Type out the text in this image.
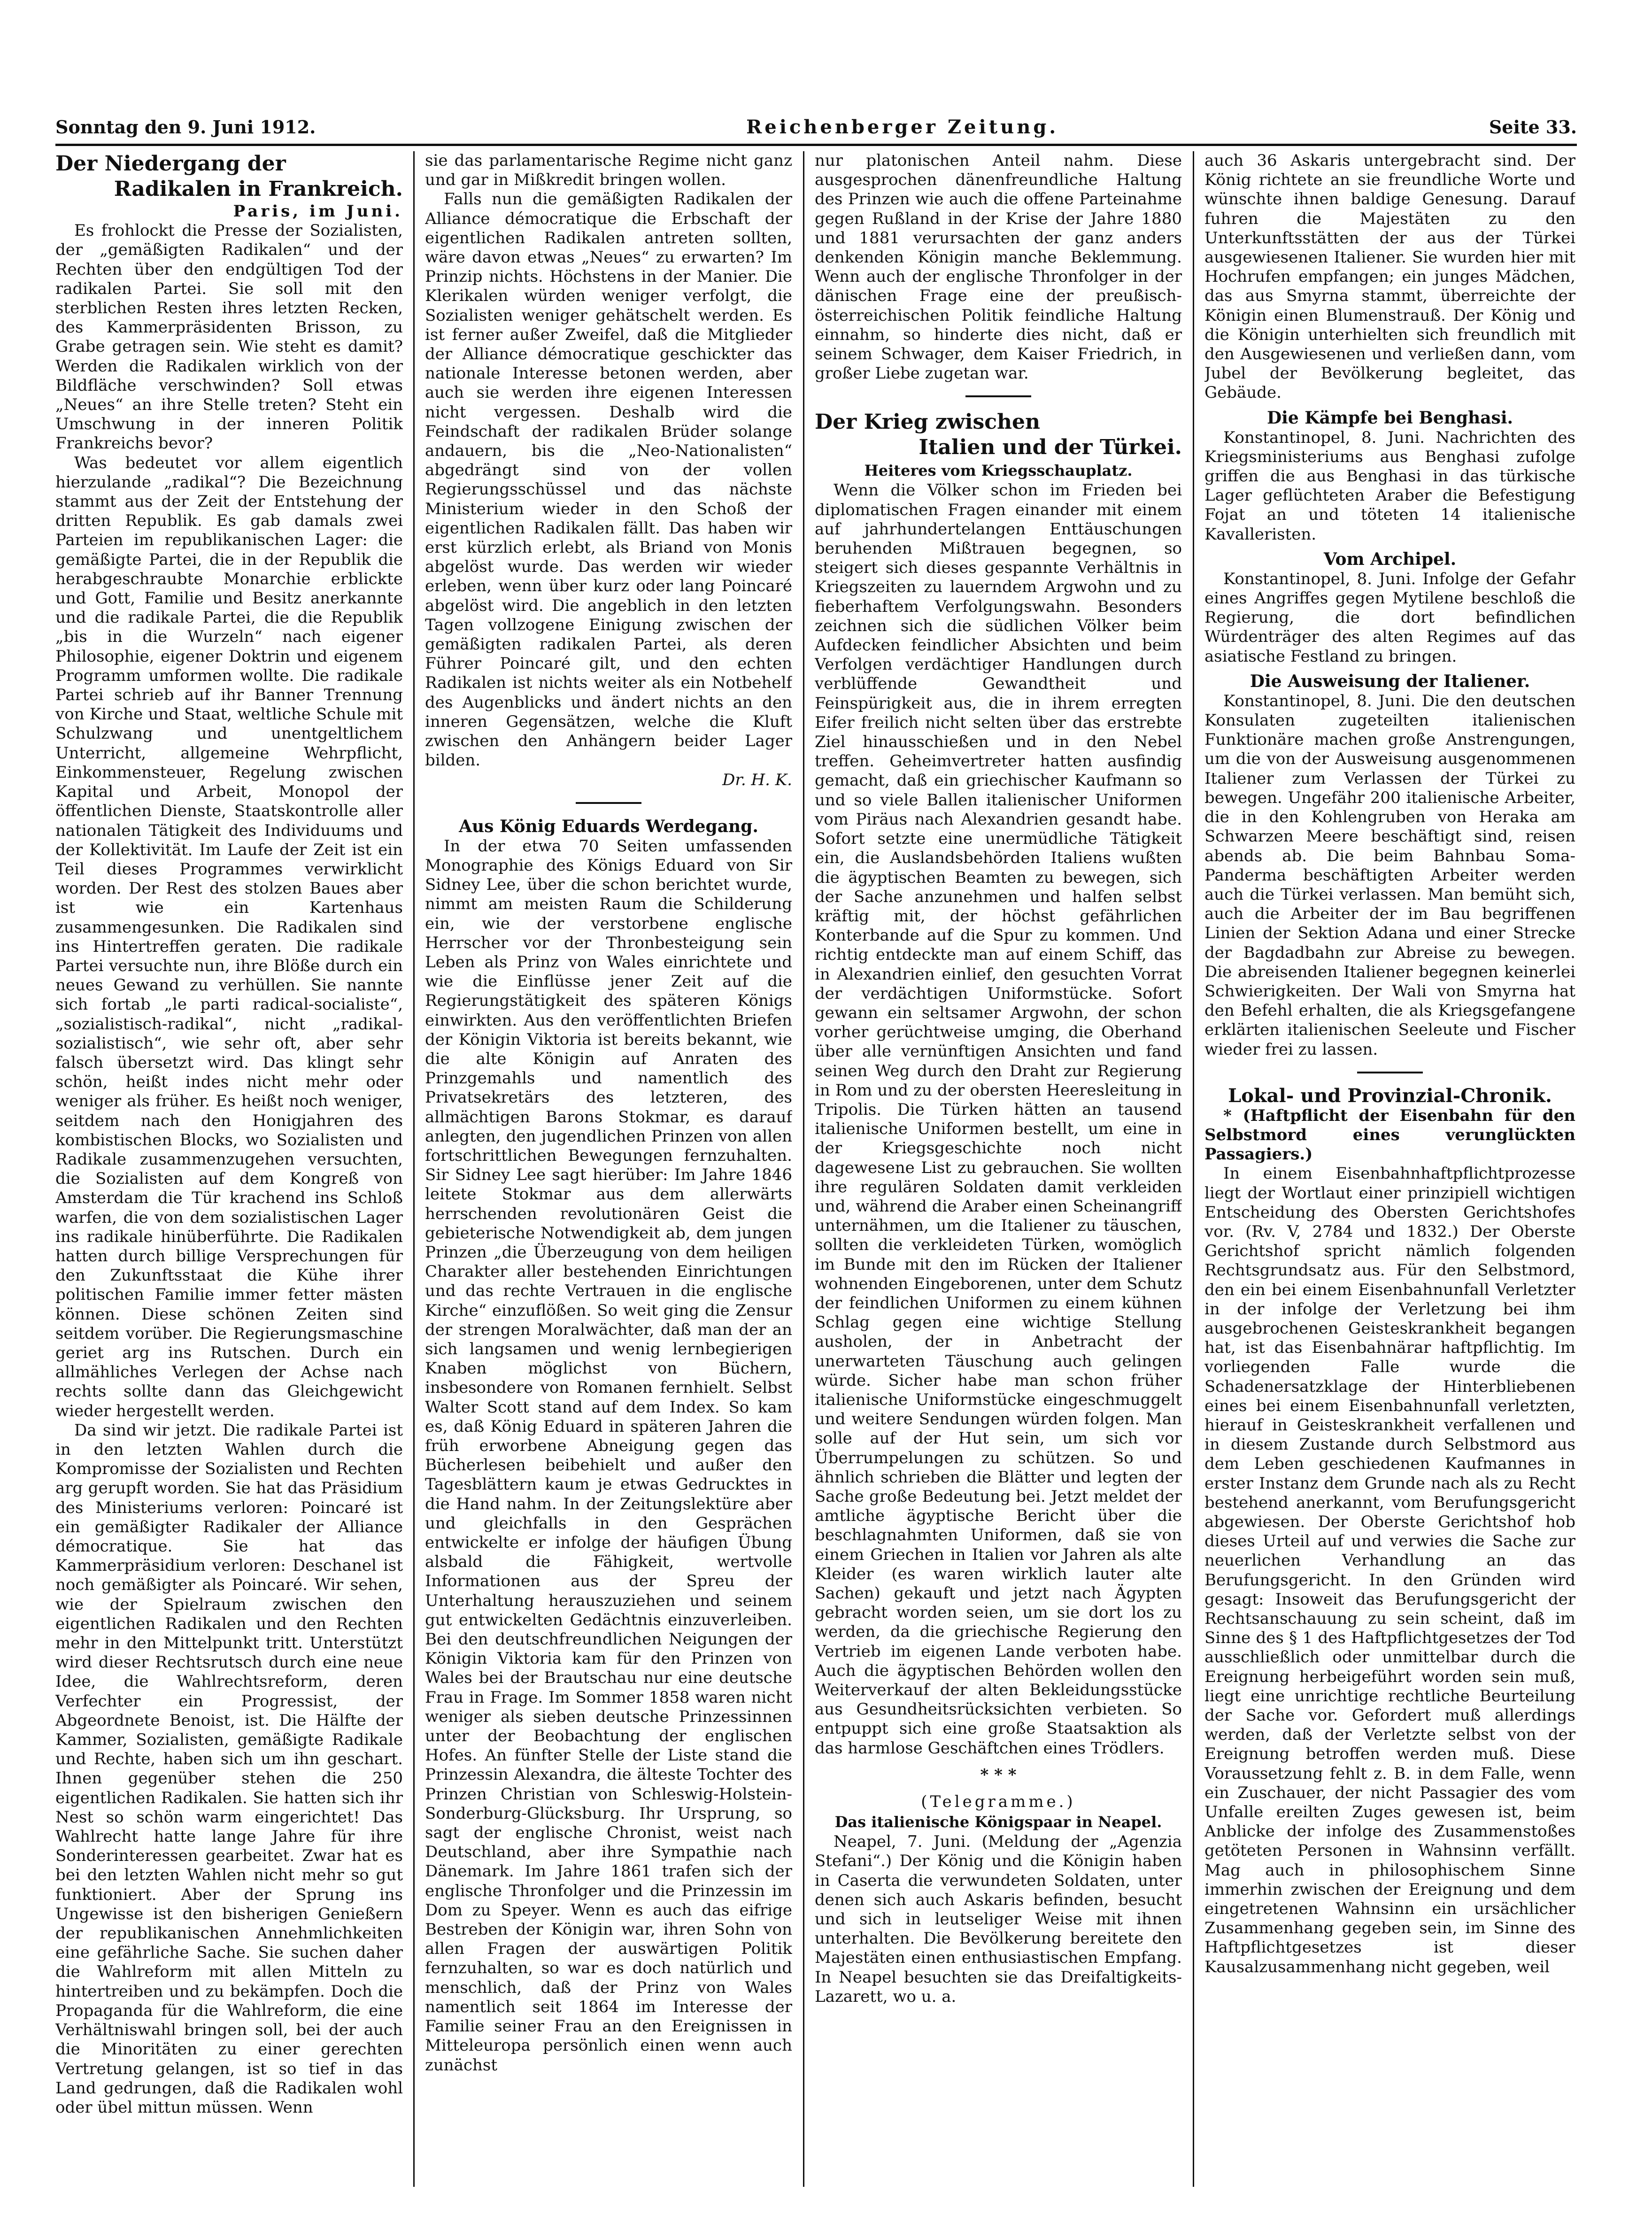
Sonntag den 9. Juni 1912.	Reichenberger Zeitung.	Seite 33.
Der Niedergang der
Radikalen in Frankreich.

Paris, im Juni.

Es frohlockt die Presse der Sozialisten, der „gemäßigten Radikalen“ und der Rechten über den endgültigen Tod der radikalen Partei. Sie soll mit den sterblichen Resten ihres letzten Recken, des Kammerpräsidenten Brisson, zu Grabe getragen sein. Wie steht es damit? Werden die Radikalen wirklich von der Bildfläche verschwinden? Soll etwas „Neues“ an ihre Stelle treten? Steht ein Umschwung in der inneren Politik Frankreichs bevor?

Was bedeutet vor allem eigentlich hierzulande „radikal“? Die Bezeichnung stammt aus der Zeit der Entstehung der dritten Republik. Es gab damals zwei Parteien im republikanischen Lager: die gemäßigte Partei, die in der Republik die herabgeschraubte Monarchie erblickte und Gott, Familie und Besitz anerkannte und die radikale Partei, die die Republik „bis in die Wurzeln“ nach eigener Philosophie, eigener Doktrin und eigenem Programm umformen wollte. Die radikale Partei schrieb auf ihr Banner Trennung von Kirche und Staat, weltliche Schule mit Schulzwang und unentgeltlichem Unterricht, allgemeine Wehrpflicht, Einkommensteuer, Regelung zwischen Kapital und Arbeit, Monopol der öffentlichen Dienste, Staatskontrolle aller nationalen Tätigkeit des Individuums und der Kollektivität. Im Laufe der Zeit ist ein Teil dieses Programmes verwirklicht worden. Der Rest des stolzen Baues aber ist wie ein Kartenhaus zusammengesunken. Die Radikalen sind ins Hintertreffen geraten. Die radikale Partei versuchte nun, ihre Blöße durch ein neues Gewand zu verhüllen. Sie nannte sich fortab „le parti radical-socialiste“, „sozialistisch-radikal“, nicht „radikal-sozialistisch“, wie sehr oft, aber sehr falsch übersetzt wird. Das klingt sehr schön, heißt indes nicht mehr oder weniger als früher. Es heißt noch weniger, seitdem nach den Honigjahren des kombistischen Blocks, wo Sozialisten und Radikale zusammenzugehen versuchten, die Sozialisten auf dem Kongreß von Amsterdam die Tür krachend ins Schloß warfen, die von dem sozialistischen Lager ins radikale hinüberführte. Die Radikalen hatten durch billige Versprechungen für den Zukunftsstaat die Kühe ihrer politischen Familie immer fetter mästen können. Diese schönen Zeiten sind seitdem vorüber. Die Regierungsmaschine geriet arg ins Rutschen. Durch ein allmähliches Verlegen der Achse nach rechts sollte dann das Gleichgewicht wieder hergestellt werden.

Da sind wir jetzt. Die radikale Partei ist in den letzten Wahlen durch die Kompromisse der Sozialisten und Rechten arg gerupft worden. Sie hat das Präsidium des Ministeriums verloren: Poincaré ist ein gemäßigter Radikaler der Alliance démocratique. Sie hat das Kammerpräsidium verloren: Deschanel ist noch gemäßigter als Poincaré. Wir sehen, wie der Spielraum zwischen den eigentlichen Radikalen und den Rechten mehr in den Mittelpunkt tritt. Unterstützt wird dieser Rechtsrutsch durch eine neue Idee, die Wahlrechtsreform, deren Verfechter ein Progressist, der Abgeordnete Benoist, ist. Die Hälfte der Kammer, Sozialisten, gemäßigte Radikale und Rechte, haben sich um ihn geschart. Ihnen gegenüber stehen die 250 eigentlichen Radikalen. Sie hatten sich ihr Nest so schön warm eingerichtet! Das Wahlrecht hatte lange Jahre für ihre Sonderinteressen gearbeitet. Zwar hat es bei den letzten Wahlen nicht mehr so gut funktioniert. Aber der Sprung ins Ungewisse ist den bisherigen Genießern der republikanischen Annehmlichkeiten eine gefährliche Sache. Sie suchen daher die Wahlreform mit allen Mitteln zu hintertreiben und zu bekämpfen. Doch die Propaganda für die Wahlreform, die eine Verhältniswahl bringen soll, bei der auch die Minoritäten zu einer gerechten Vertretung gelangen, ist so tief in das Land gedrungen, daß die Radikalen wohl oder übel mittun müssen. Wenn

sie das parlamentarische Regime nicht ganz und gar in Mißkredit bringen wollen.

Falls nun die gemäßigten Radikalen der Alliance démocratique die Erbschaft der eigentlichen Radikalen antreten sollten, wäre davon etwas „Neues“ zu erwarten? Im Prinzip nichts. Höchstens in der Manier. Die Klerikalen würden weniger verfolgt, die Sozialisten weniger gehätschelt werden. Es ist ferner außer Zweifel, daß die Mitglieder der Alliance démocratique geschickter das nationale Interesse betonen werden, aber auch sie werden ihre eigenen Interessen nicht vergessen. Deshalb wird die Feindschaft der radikalen Brüder solange andauern, bis die „Neo-Nationalisten“ abgedrängt sind von der vollen Regierungsschüssel und das nächste Ministerium wieder in den Schoß der eigentlichen Radikalen fällt. Das haben wir erst kürzlich erlebt, als Briand von Monis abgelöst wurde. Das werden wir wieder erleben, wenn über kurz oder lang Poincaré abgelöst wird. Die angeblich in den letzten Tagen vollzogene Einigung zwischen der gemäßigten radikalen Partei, als deren Führer Poincaré gilt, und den echten Radikalen ist nichts weiter als ein Notbehelf des Augenblicks und ändert nichts an den inneren Gegensätzen, welche die Kluft zwischen den Anhängern beider Lager bilden.

Dr. H. K.

Aus König Eduards Werdegang.

In der etwa 70 Seiten umfassenden Monographie des Königs Eduard von Sir Sidney Lee, über die schon berichtet wurde, nimmt am meisten Raum die Schilderung ein, wie der verstorbene englische Herrscher vor der Thronbesteigung sein Leben als Prinz von Wales einrichtete und wie die Einflüsse jener Zeit auf die Regierungstätigkeit des späteren Königs einwirkten. Aus den veröffentlichten Briefen der Königin Viktoria ist bereits bekannt, wie die alte Königin auf Anraten des Prinzgemahls und namentlich des Privatsekretärs des letzteren, des allmächtigen Barons Stokmar, es darauf anlegten, den jugendlichen Prinzen von allen fortschrittlichen Bewegungen fernzuhalten. Sir Sidney Lee sagt hierüber: Im Jahre 1846 leitete Stokmar aus dem allerwärts herrschenden revolutionären Geist die gebieterische Notwendigkeit ab, dem jungen Prinzen „die Überzeugung von dem heiligen Charakter aller bestehenden Einrichtungen und das rechte Vertrauen in die englische Kirche“ einzuflößen. So weit ging die Zensur der strengen Moralwächter, daß man der an sich langsamen und wenig lernbegierigen Knaben möglichst von Büchern, insbesondere von Romanen fernhielt. Selbst Walter Scott stand auf dem Index. So kam es, daß König Eduard in späteren Jahren die früh erworbene Abneigung gegen das Bücherlesen beibehielt und außer den Tagesblättern kaum je etwas Gedrucktes in die Hand nahm. In der Zeitungslektüre aber und gleichfalls in den Gesprächen entwickelte er infolge der häufigen Übung alsbald die Fähigkeit, wertvolle Informationen aus der Spreu der Unterhaltung herauszuziehen und seinem gut entwickelten Gedächtnis einzuverleiben. Bei den deutschfreundlichen Neigungen der Königin Viktoria kam für den Prinzen von Wales bei der Brautschau nur eine deutsche Frau in Frage. Im Sommer 1858 waren nicht weniger als sieben deutsche Prinzessinnen unter der Beobachtung der englischen Hofes. An fünfter Stelle der Liste stand die Prinzessin Alexandra, die älteste Tochter des Prinzen Christian von Schleswig-Holstein-Sonderburg-Glücksburg. Ihr Ursprung, so sagt der englische Chronist, weist nach Deutschland, aber ihre Sympathie nach Dänemark. Im Jahre 1861 trafen sich der englische Thronfolger und die Prinzessin im Dom zu Speyer. Wenn es auch das eifrige Bestreben der Königin war, ihren Sohn von allen Fragen der auswärtigen Politik fernzuhalten, so war es doch natürlich und menschlich, daß der Prinz von Wales namentlich seit 1864 im Interesse der Familie seiner Frau an den Ereignissen in Mitteleuropa persönlich einen wenn auch zunächst

nur platonischen Anteil nahm. Diese ausgesprochen dänenfreundliche Haltung des Prinzen wie auch die offene Parteinahme gegen Rußland in der Krise der Jahre 1880 und 1881 verursachten der ganz anders denkenden Königin manche Beklemmung. Wenn auch der englische Thronfolger in der dänischen Frage eine der preußisch-österreichischen Politik feindliche Haltung einnahm, so hinderte dies nicht, daß er seinem Schwager, dem Kaiser Friedrich, in großer Liebe zugetan war.

Der Krieg zwischen
Italien und der Türkei.
Heiteres vom Kriegsschauplatz.

Wenn die Völker schon im Frieden bei diplomatischen Fragen einander mit einem auf jahrhundertelangen Enttäuschungen beruhenden Mißtrauen begegnen, so steigert sich dieses gespannte Verhältnis in Kriegszeiten zu lauerndem Argwohn und zu fieberhaftem Verfolgungswahn. Besonders zeichnen sich die südlichen Völker beim Aufdecken feindlicher Absichten und beim Verfolgen verdächtiger Handlungen durch verblüffende Gewandtheit und Feinspürigkeit aus, die in ihrem erregten Eifer freilich nicht selten über das erstrebte Ziel hinausschießen und in den Nebel treffen. Geheimvertreter hatten ausfindig gemacht, daß ein griechischer Kaufmann so und so viele Ballen italienischer Uniformen vom Piräus nach Alexandrien gesandt habe. Sofort setzte eine unermüdliche Tätigkeit ein, die Auslandsbehörden Italiens wußten die ägyptischen Beamten zu bewegen, sich der Sache anzunehmen und halfen selbst kräftig mit, der höchst gefährlichen Konterbande auf die Spur zu kommen. Und richtig entdeckte man auf einem Schiff, das in Alexandrien einlief, den gesuchten Vorrat der verdächtigen Uniformstücke. Sofort gewann ein seltsamer Argwohn, der schon vorher gerüchtweise umging, die Oberhand über alle vernünftigen Ansichten und fand seinen Weg durch den Draht zur Regierung in Rom und zu der obersten Heeresleitung in Tripolis. Die Türken hätten an tausend italienische Uniformen bestellt, um eine in der Kriegsgeschichte noch nicht dagewesene List zu gebrauchen. Sie wollten ihre regulären Soldaten damit verkleiden und, während die Araber einen Scheinangriff unternähmen, um die Italiener zu täuschen, sollten die verkleideten Türken, womöglich im Bunde mit den im Rücken der Italiener wohnenden Eingeborenen, unter dem Schutz der feindlichen Uniformen zu einem kühnen Schlag gegen eine wichtige Stellung ausholen, der in Anbetracht der unerwarteten Täuschung auch gelingen würde. Sicher habe man schon früher italienische Uniformstücke eingeschmuggelt und weitere Sendungen würden folgen. Man solle auf der Hut sein, um sich vor Überrumpelungen zu schützen. So und ähnlich schrieben die Blätter und legten der Sache große Bedeutung bei. Jetzt meldet der amtliche ägyptische Bericht über die beschlagnahmten Uniformen, daß sie von einem Griechen in Italien vor Jahren als alte Kleider (es waren wirklich lauter alte Sachen) gekauft und jetzt nach Ägypten gebracht worden seien, um sie dort los zu werden, da die griechische Regierung den Vertrieb im eigenen Lande verboten habe. Auch die ägyptischen Behörden wollen den Weiterverkauf der alten Bekleidungsstücke aus Gesundheitsrücksichten verbieten. So entpuppt sich eine große Staatsaktion als das harmlose Geschäftchen eines Trödlers.

* * *

(Telegramme.)

Das italienische Königspaar in Neapel.

Neapel, 7. Juni. (Meldung der „Agenzia Stefani“.) Der König und die Königin haben in Caserta die verwundeten Soldaten, unter denen sich auch Askaris befinden, besucht und sich in leutseliger Weise mit ihnen unterhalten. Die Bevölkerung bereitete den Majestäten einen enthusiastischen Empfang. In Neapel besuchten sie das Dreifaltigkeits-Lazarett, wo u. a.

auch 36 Askaris untergebracht sind. Der König richtete an sie freundliche Worte und wünschte ihnen baldige Genesung. Darauf fuhren die Majestäten zu den Unterkunftsstätten der aus der Türkei ausgewiesenen Italiener. Sie wurden hier mit Hochrufen empfangen; ein junges Mädchen, das aus Smyrna stammt, überreichte der Königin einen Blumenstrauß. Der König und die Königin unterhielten sich freundlich mit den Ausgewiesenen und verließen dann, vom Jubel der Bevölkerung begleitet, das Gebäude.

Die Kämpfe bei Benghasi.

Konstantinopel, 8. Juni. Nachrichten des Kriegsministeriums aus Benghasi zufolge griffen die aus Benghasi in das türkische Lager geflüchteten Araber die Befestigung Fojat an und töteten 14 italienische Kavalleristen.

Vom Archipel.

Konstantinopel, 8. Juni. Infolge der Gefahr eines Angriffes gegen Mytilene beschloß die Regierung, die dort befindlichen Würdenträger des alten Regimes auf das asiatische Festland zu bringen.

Die Ausweisung der Italiener.

Konstantinopel, 8. Juni. Die den deutschen Konsulaten zugeteilten italienischen Funktionäre machen große Anstrengungen, um die von der Ausweisung ausgenommenen Italiener zum Verlassen der Türkei zu bewegen. Ungefähr 200 italienische Arbeiter, die in den Kohlengruben von Heraka am Schwarzen Meere beschäftigt sind, reisen abends ab. Die beim Bahnbau Soma-Panderma beschäftigten Arbeiter werden auch die Türkei verlassen. Man bemüht sich, auch die Arbeiter der im Bau begriffenen Linien der Sektion Adana und einer Strecke der Bagdadbahn zur Abreise zu bewegen. Die abreisenden Italiener begegnen keinerlei Schwierigkeiten. Der Wali von Smyrna hat den Befehl erhalten, die als Kriegsgefangene erklärten italienischen Seeleute und Fischer wieder frei zu lassen.

Lokal- und Provinzial-Chronik.

* (Haftpflicht der Eisenbahn für den Selbstmord eines verunglückten Passagiers.)

In einem Eisenbahnhaftpflichtprozesse liegt der Wortlaut einer prinzipiell wichtigen Entscheidung des Obersten Gerichtshofes vor. (Rv. V, 2784 und 1832.) Der Oberste Gerichtshof spricht nämlich folgenden Rechtsgrundsatz aus. Für den Selbstmord, den ein bei einem Eisenbahnunfall Verletzter in der infolge der Verletzung bei ihm ausgebrochenen Geisteskrankheit begangen hat, ist das Eisenbahnärar haftpflichtig. Im vorliegenden Falle wurde die Schadenersatzklage der Hinterbliebenen eines bei einem Eisenbahnunfall verletzten, hierauf in Geisteskrankheit verfallenen und in diesem Zustande durch Selbstmord aus dem Leben geschiedenen Kaufmannes in erster Instanz dem Grunde nach als zu Recht bestehend anerkannt, vom Berufungsgericht abgewiesen. Der Oberste Gerichtshof hob dieses Urteil auf und verwies die Sache zur neuerlichen Verhandlung an das Berufungsgericht. In den Gründen wird gesagt: Insoweit das Berufungsgericht der Rechtsanschauung zu sein scheint, daß im Sinne des § 1 des Haftpflichtgesetzes der Tod ausschließlich oder unmittelbar durch die Ereignung herbeigeführt worden sein muß, liegt eine unrichtige rechtliche Beurteilung der Sache vor. Gefordert muß allerdings werden, daß der Verletzte selbst von der Ereignung betroffen werden muß. Diese Voraussetzung fehlt z. B. in dem Falle, wenn ein Zuschauer, der nicht Passagier des vom Unfalle ereilten Zuges gewesen ist, beim Anblicke der infolge des Zusammenstoßes getöteten Personen in Wahnsinn verfällt. Mag auch in philosophischem Sinne immerhin zwischen der Ereignung und dem eingetretenen Wahnsinn ein ursächlicher Zusammenhang gegeben sein, im Sinne des Haftpflichtgesetzes ist dieser Kausalzusammenhang nicht gegeben, weil
